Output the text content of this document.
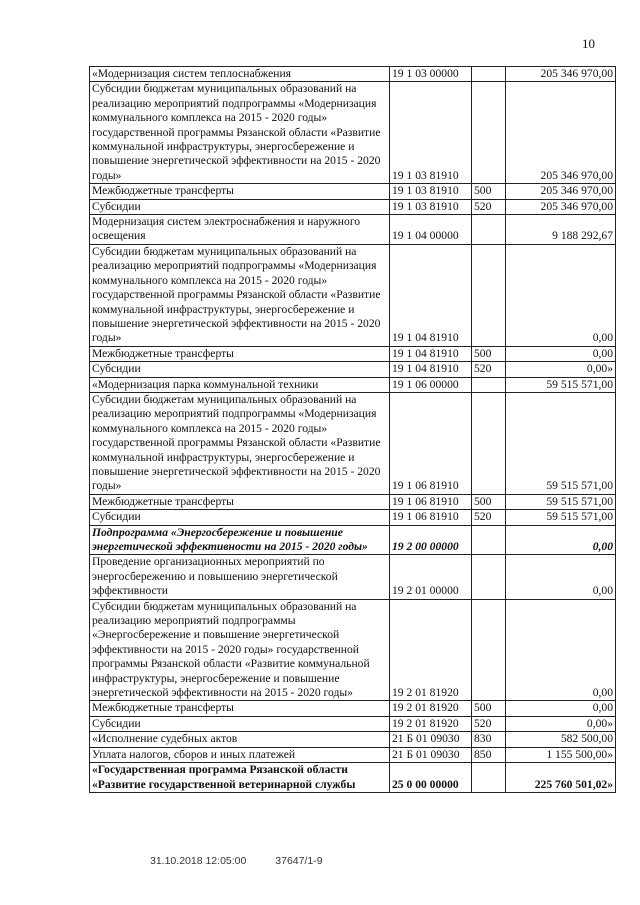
10
«Модернизация систем теплоснабжения	19 1 03 00000		205 346 970,00
Субсидии бюджетам муниципальных образований на реализацию мероприятий подпрограммы «Модернизация коммунального комплекса на 2015 - 2020 годы» государственной программы Рязанской области «Развитие коммунальной инфраструктуры, энергосбережение и повышение энергетической эффективности на 2015 - 2020 годы»	19 1 03 81910		205 346 970,00
Межбюджетные трансферты	19 1 03 81910	500	205 346 970,00
Субсидии	19 1 03 81910	520	205 346 970,00
Модернизация систем электроснабжения и наружного освещения	19 1 04 00000		9 188 292,67
Субсидии бюджетам муниципальных образований на реализацию мероприятий подпрограммы «Модернизация коммунального комплекса на 2015 - 2020 годы» государственной программы Рязанской области «Развитие коммунальной инфраструктуры, энергосбережение и повышение энергетической эффективности на 2015 - 2020 годы»	19 1 04 81910		0,00
Межбюджетные трансферты	19 1 04 81910	500	0,00
Субсидии	19 1 04 81910	520	0,00»
«Модернизация парка коммунальной техники	19 1 06 00000		59 515 571,00
Субсидии бюджетам муниципальных образований на реализацию мероприятий подпрограммы «Модернизация коммунального комплекса на 2015 - 2020 годы» государственной программы Рязанской области «Развитие коммунальной инфраструктуры, энергосбережение и повышение энергетической эффективности на 2015 - 2020 годы»	19 1 06 81910		59 515 571,00
Межбюджетные трансферты	19 1 06 81910	500	59 515 571,00
Субсидии	19 1 06 81910	520	59 515 571,00
Подпрограмма «Энергосбережение и повышение энергетической эффективности на 2015 - 2020 годы»	19 2 00 00000		0,00
Проведение организационных мероприятий по энергосбережению и повышению энергетической эффективности	19 2 01 00000		0,00
Субсидии бюджетам муниципальных образований на реализацию мероприятий подпрограммы «Энергосбережение и повышение энергетической эффективности на 2015 - 2020 годы» государственной программы Рязанской области «Развитие коммунальной инфраструктуры, энергосбережение и повышение энергетической эффективности на 2015 - 2020 годы»	19 2 01 81920		0,00
Межбюджетные трансферты	19 2 01 81920	500	0,00
Субсидии	19 2 01 81920	520	0,00»
«Исполнение судебных актов	21 Б 01 09030	830	582 500,00
Уплата налогов, сборов и иных платежей	21 Б 01 09030	850	1 155 500,00»
«Государственная программа Рязанской области «Развитие государственной ветеринарной службы	25 0 00 00000		225 760 501,02»
31.10.2018 12:05:00	37647/1-9
